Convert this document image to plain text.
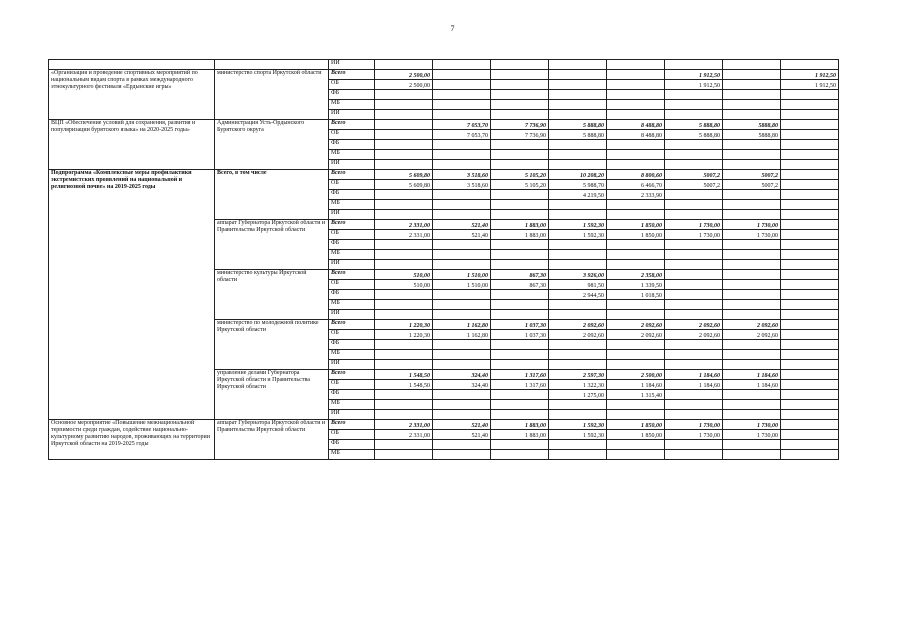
7
		ИИ								
«Организация и проведение спортивных мероприятий по национальным видам спорта в рамках международного этнокультурного фестиваля «Ердынские игры»	министерство спорта Иркутской области	Всего	2 500,00					1 912,50		1 912,50
		ОБ	2 500,00					1 912,50		1 912,50
		ФБ								
		МБ								
		ИИ								
ВЦП «Обеспечение условий для сохранения, развития и популяризации бурятского языка» на 2020-2025 годы»	Администрация Усть-Ордынского Бурятского округа	Всего		7 053,70	7 736,90	5 888,80	8 488,80	5 888,80	5888,80	
		ОБ		7 053,70	7 736,90	5 888,80	8 488,80	5 888,80	5888,80	
		ФБ								
		МБ								
		ИИ								
Подпрограмма «Комплексные меры профилактики экстремистских проявлений на национальной и религиозной почве» на 2019-2025 годы	Всего, в том числе	Всего	5 609,80	3 518,60	5 105,20	10 208,20	8 800,60	5007,2	5007,2	
		ОБ	5 609,80	3 518,60	5 105,20	5 988,70	6 466,70	5007,2	5007,2	
		ФБ				4 219,50	2 333,90			
		МБ								
		ИИ								
	аппарат Губернатора Иркутской области и Правительства Иркутской области	Всего	2 331,00	521,40	1 883,00	1 592,30	1 850,00	1 730,00	1 730,00	
		ОБ	2 331,00	521,40	1 883,00	1 592,30	1 850,00	1 730,00	1 730,00	
		ФБ								
		МБ								
		ИИ								
	министерство культуры Иркутской области	Всего	510,00	1 510,00	867,30	3 926,00	2 358,00			
		ОБ	510,00	1 510,00	867,30	981,50	1 339,50			
		ФБ				2 944,50	1 018,50			
		МБ								
		ИИ								
	министерство по молодежной политике Иркутской области	Всего	1 220,30	1 162,80	1 037,30	2 092,60	2 092,60	2 092,60	2 092,60	
		ОБ	1 220,30	1 162,80	1 037,30	2 092,60	2 092,60	2 092,60	2 092,60	
		ФБ								
		МБ								
		ИИ								
	управление делами Губернатора Иркутской области и Правительства Иркутской области	Всего	1 548,50	324,40	1 317,60	2 597,30	2 500,00	1 184,60	1 184,60	
		ОБ	1 548,50	324,40	1 317,60	1 322,30	1 184,60	1 184,60	1 184,60	
		ФБ				1 275,00	1 315,40			
		МБ								
		ИИ								
Основное мероприятие «Повышение межнациональной терпимости среди граждан, содействие национально-культурному развитию народов, проживающих на территории Иркутской области на 2019-2025 годы	аппарат Губернатора Иркутской области и Правительства Иркутской области	Всего	2 331,00	521,40	1 883,00	1 592,30	1 850,00	1 730,00	1 730,00	
		ОБ	2 331,00	521,40	1 883,00	1 592,30	1 850,00	1 730,00	1 730,00	
		ФБ								
		МБ								
